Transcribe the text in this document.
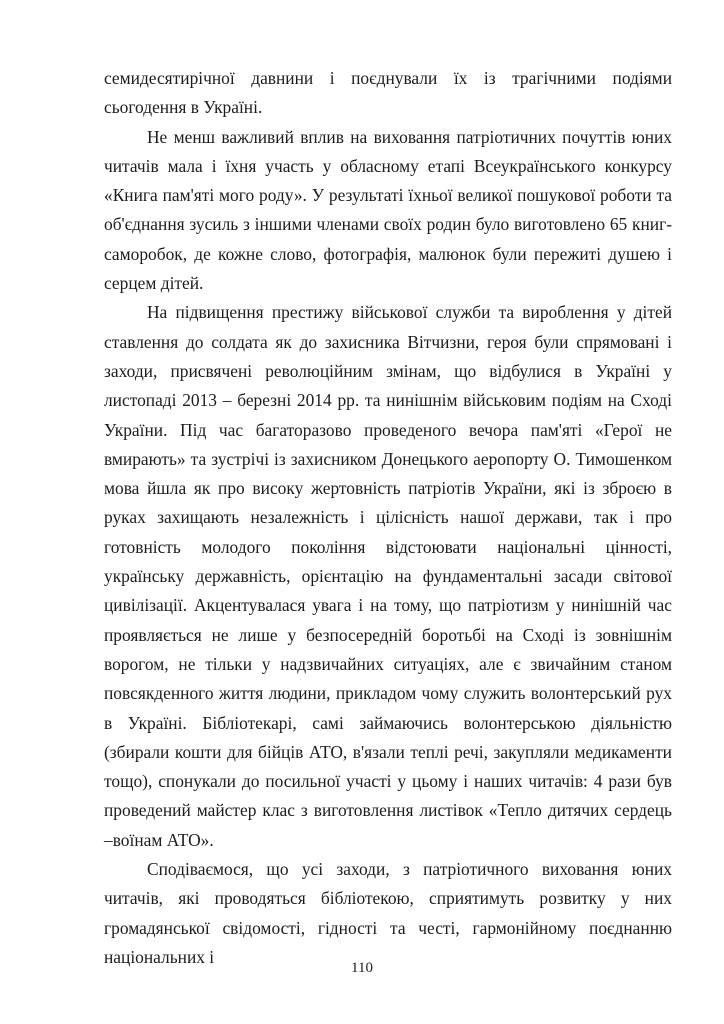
семидесятирічної давнини і поєднували їх із трагічними подіями сьогодення в Україні.

Не менш важливий вплив на виховання патріотичних почуттів юних читачів мала і їхня участь у обласному етапі Всеукраїнського конкурсу «Книга пам'яті мого роду». У результаті їхньої великої пошукової роботи та об'єднання зусиль з іншими членами своїх родин було виготовлено 65 книг-саморобок, де кожне слово, фотографія, малюнок були пережиті душею і серцем дітей.

На підвищення престижу військової служби та вироблення у дітей ставлення до солдата як до захисника Вітчизни, героя були спрямовані і заходи, присвячені революційним змінам, що відбулися в Україні у листопаді 2013 – березні 2014 рр. та нинішнім військовим подіям на Сході України. Під час багаторазово проведеного вечора пам'яті «Герої не вмирають» та зустрічі із захисником Донецького аеропорту О. Тимошенком мова йшла як про високу жертовність патріотів України, які із зброєю в руках захищають незалежність і цілісність нашої держави, так і про готовність молодого покоління відстоювати національні цінності, українську державність, орієнтацію на фундаментальні засади світової цивілізації. Акцентувалася увага і на тому, що патріотизм у нинішній час проявляється не лише у безпосередній боротьбі на Сході із зовнішнім ворогом, не тільки у надзвичайних ситуаціях, але є звичайним станом повсякденного життя людини, прикладом чому служить волонтерський рух в Україні. Бібліотекарі, самі займаючись волонтерською діяльністю (збирали кошти для бійців АТО, в'язали теплі речі, закупляли медикаменти тощо), спонукали до посильної участі у цьому і наших читачів: 4 рази був проведений майстер клас з виготовлення листівок «Тепло дитячих сердець –воїнам АТО».

Сподіваємося, що усі заходи, з патріотичного виховання юних читачів, які проводяться бібліотекою, сприятимуть розвитку у них громадянської свідомості, гідності та честі, гармонійному поєднанню національних і

110
